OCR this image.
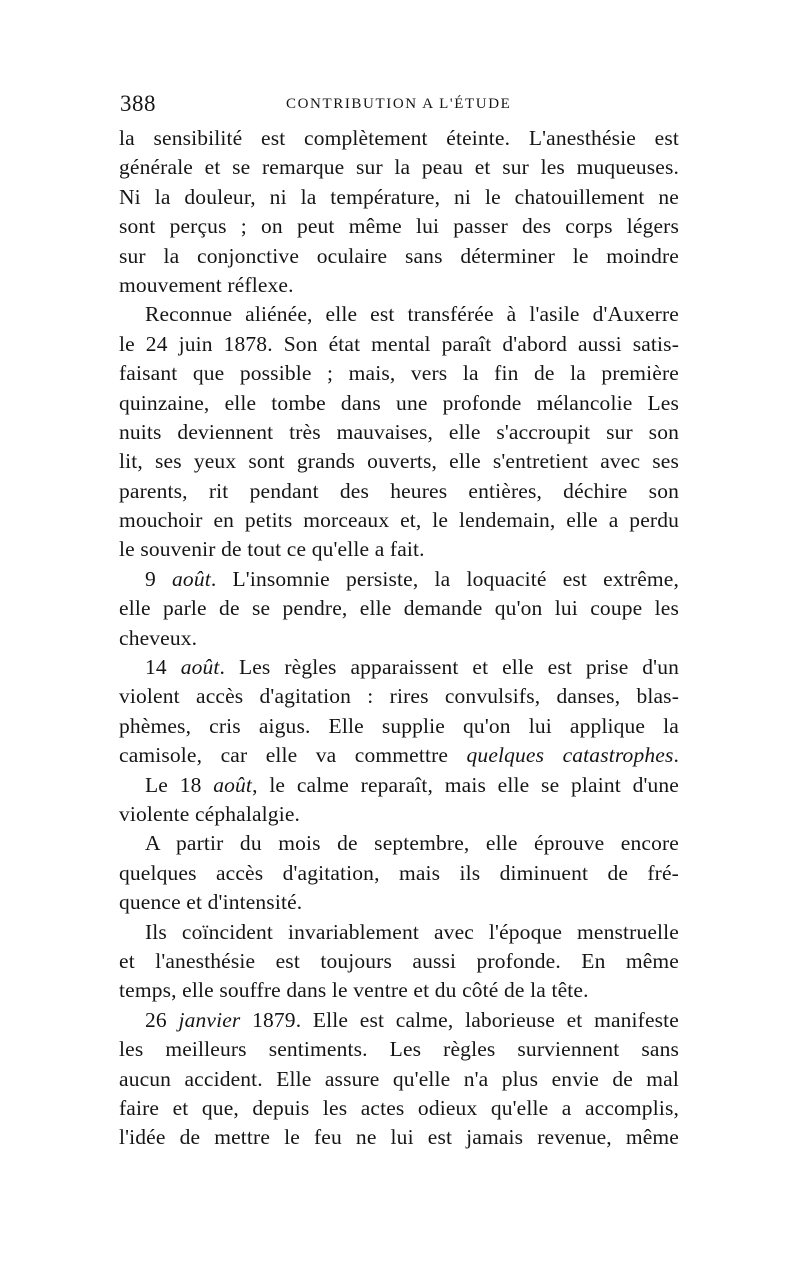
388	CONTRIBUTION A L'ÉTUDE
la sensibilité est complètement éteinte. L'anesthésie est
générale et se remarque sur la peau et sur les muqueuses.
Ni la douleur, ni la température, ni le chatouillement ne
sont perçus ; on peut même lui passer des corps légers
sur la conjonctive oculaire sans déterminer le moindre
mouvement réflexe.
Reconnue aliénée, elle est transférée à l'asile d'Auxerre
le 24 juin 1878. Son état mental paraît d'abord aussi satis-
faisant que possible ; mais, vers la fin de la première
quinzaine, elle tombe dans une profonde mélancolie Les
nuits deviennent très mauvaises, elle s'accroupit sur son
lit, ses yeux sont grands ouverts, elle s'entretient avec ses
parents, rit pendant des heures entières, déchire son
mouchoir en petits morceaux et, le lendemain, elle a perdu
le souvenir de tout ce qu'elle a fait.
9 août. L'insomnie persiste, la loquacité est extrême,
elle parle de se pendre, elle demande qu'on lui coupe les
cheveux.
14 août. Les règles apparaissent et elle est prise d'un
violent accès d'agitation : rires convulsifs, danses, blas-
phèmes, cris aigus. Elle supplie qu'on lui applique la
camisole, car elle va commettre quelques catastrophes.
Le 18 août, le calme reparaît, mais elle se plaint d'une
violente céphalalgie.
A partir du mois de septembre, elle éprouve encore
quelques accès d'agitation, mais ils diminuent de fré-
quence et d'intensité.
Ils coïncident invariablement avec l'époque menstruelle
et l'anesthésie est toujours aussi profonde. En même
temps, elle souffre dans le ventre et du côté de la tête.
26 janvier 1879. Elle est calme, laborieuse et manifeste
les meilleurs sentiments. Les règles surviennent sans
aucun accident. Elle assure qu'elle n'a plus envie de mal
faire et que, depuis les actes odieux qu'elle a accomplis,
l'idée de mettre le feu ne lui est jamais revenue, même
